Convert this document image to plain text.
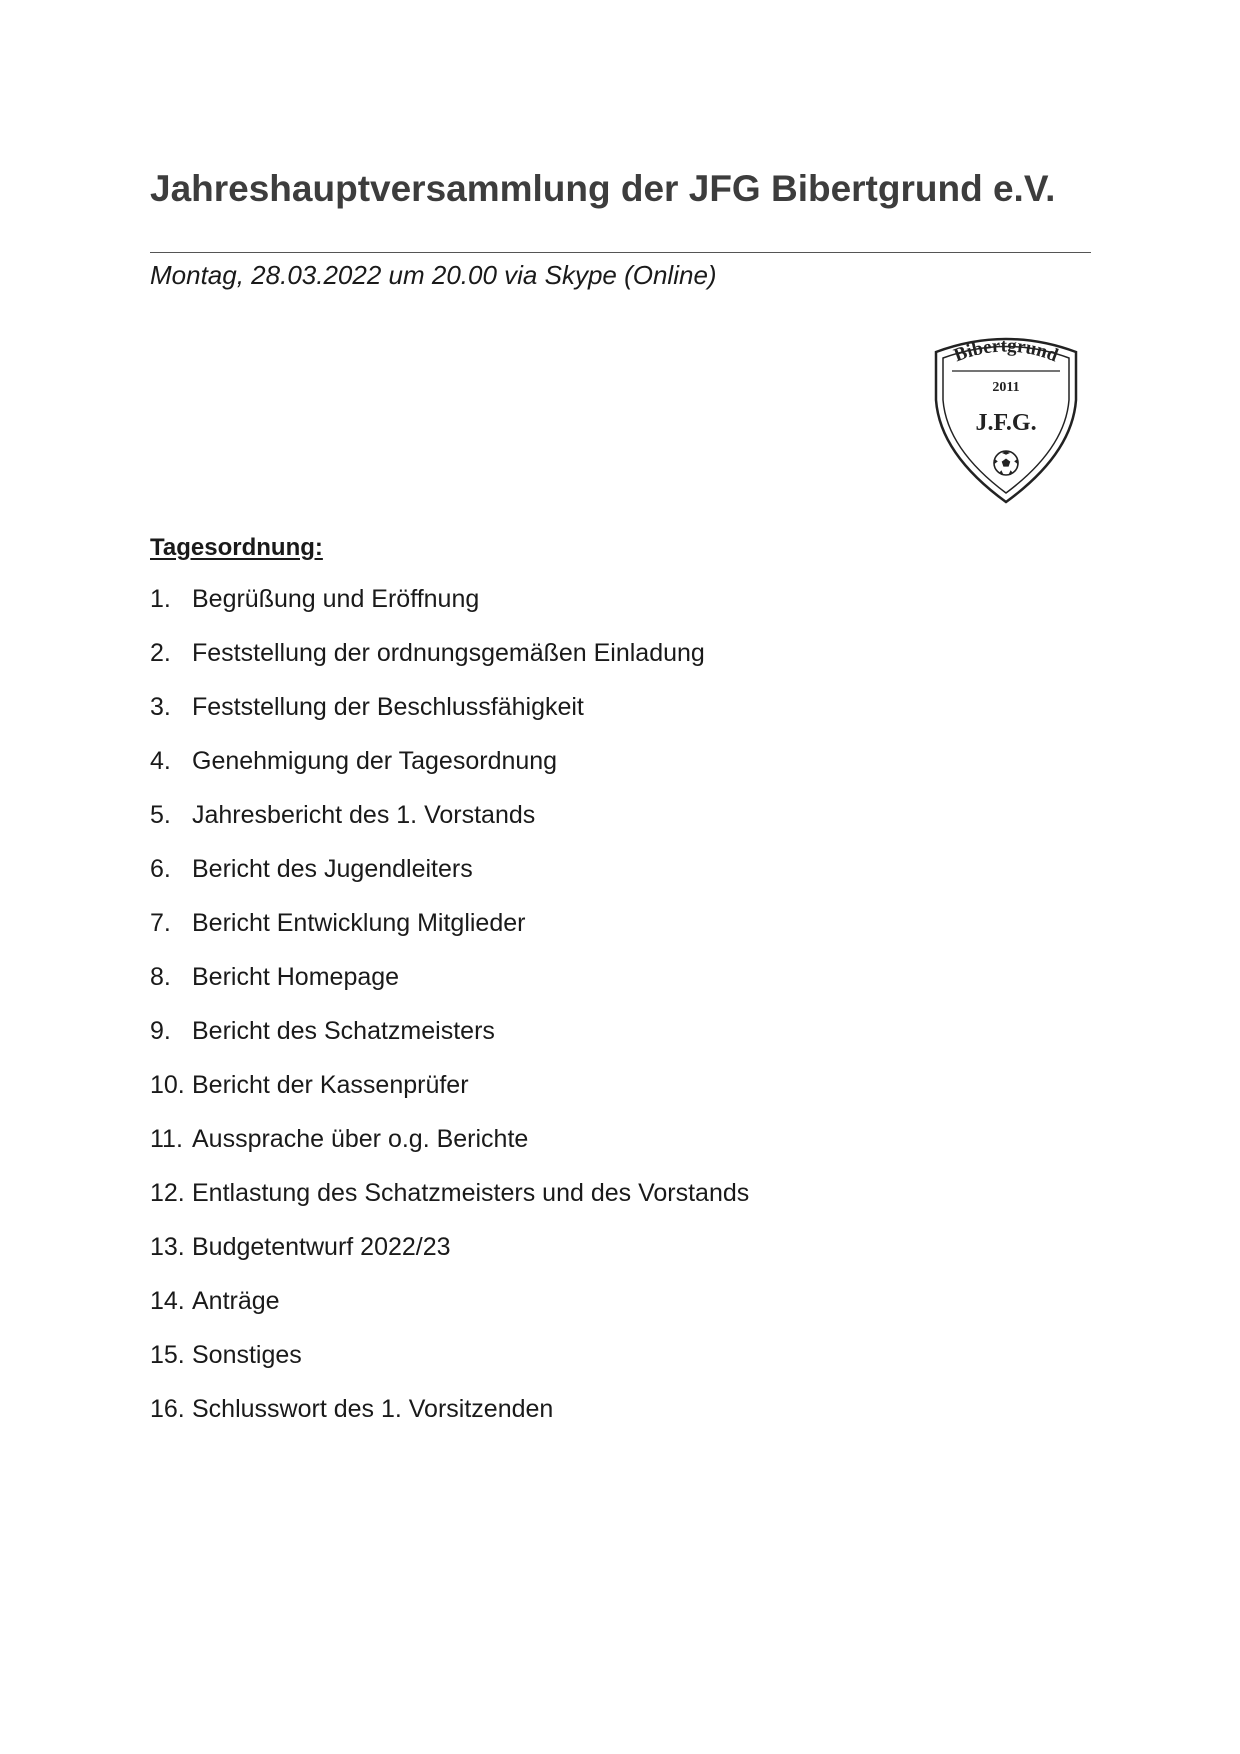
Jahreshauptversammlung der JFG Bibertgrund e.V.
Montag, 28.03.2022 um 20.00 via Skype (Online)
Bibertgrund
2011
J.F.G.
Tagesordnung:
1. Begrüßung und Eröffnung
2. Feststellung der ordnungsgemäßen Einladung
3. Feststellung der Beschlussfähigkeit
4. Genehmigung der Tagesordnung
5. Jahresbericht des 1. Vorstands
6. Bericht des Jugendleiters
7. Bericht Entwicklung Mitglieder
8. Bericht Homepage
9. Bericht des Schatzmeisters
10. Bericht der Kassenprüfer
11. Aussprache über o.g. Berichte
12. Entlastung des Schatzmeisters und des Vorstands
13. Budgetentwurf 2022/23
14. Anträge
15. Sonstiges
16. Schlusswort des 1. Vorsitzenden
